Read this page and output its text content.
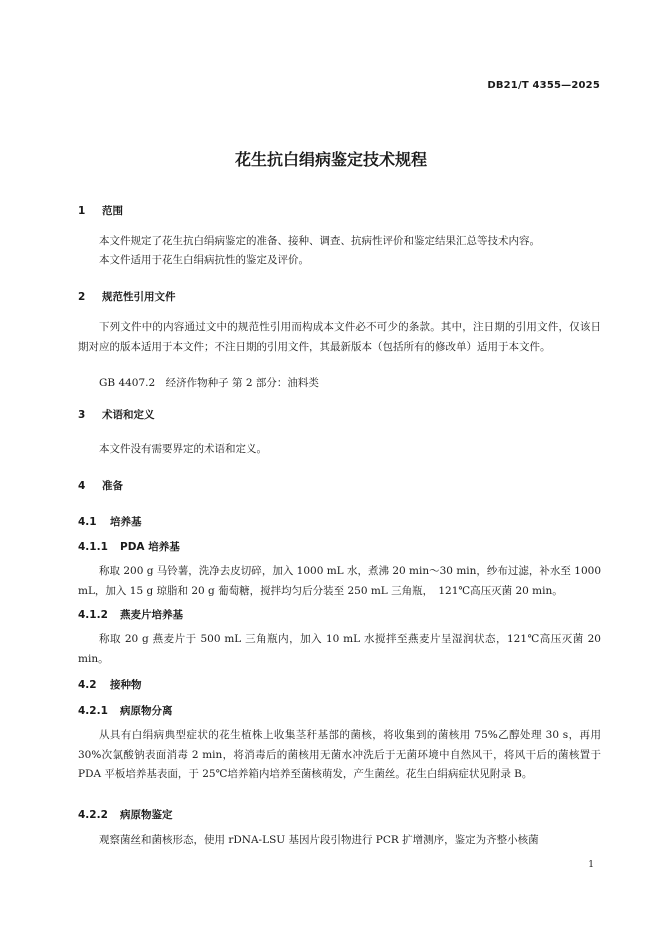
DB21/T 4355—2025
花生抗白绢病鉴定技术规程
1 范围
本文件规定了花生抗白绢病鉴定的准备、接种、调查、抗病性评价和鉴定结果汇总等技术内容。
本文件适用于花生白绢病抗性的鉴定及评价。
2 规范性引用文件
下列文件中的内容通过文中的规范性引用而构成本文件必不可少的条款。其中，注日期的引用文件，仅该日期对应的版本适用于本文件；不注日期的引用文件，其最新版本（包括所有的修改单）适用于本文件。
GB 4407.2　经济作物种子 第 2 部分：油料类
3 术语和定义
本文件没有需要界定的术语和定义。
4 准备
4.1 培养基
4.1.1 PDA 培养基
称取 200 g 马铃薯，洗净去皮切碎，加入 1000 mL 水，煮沸 20 min～30 min，纱布过滤，补水至 1000 mL，加入 15 g 琼脂和 20 g 葡萄糖，搅拌均匀后分装至 250 mL 三角瓶，　121℃高压灭菌 20 min。
4.1.2 燕麦片培养基
称取 20 g 燕麦片于 500 mL 三角瓶内，加入 10 mL 水搅拌至燕麦片呈湿润状态，121℃高压灭菌 20 min。
4.2 接种物
4.2.1 病原物分离
从具有白绢病典型症状的花生植株上收集茎秆基部的菌核，将收集到的菌核用 75%乙醇处理 30 s，再用 30%次氯酸钠表面消毒 2 min，将消毒后的菌核用无菌水冲洗后于无菌环境中自然风干，将风干后的菌核置于 PDA 平板培养基表面，于 25℃培养箱内培养至菌核萌发，产生菌丝。花生白绢病症状见附录 B。
4.2.2 病原物鉴定
观察菌丝和菌核形态，使用 rDNA-LSU 基因片段引物进行 PCR 扩增测序，鉴定为齐整小核菌
1
